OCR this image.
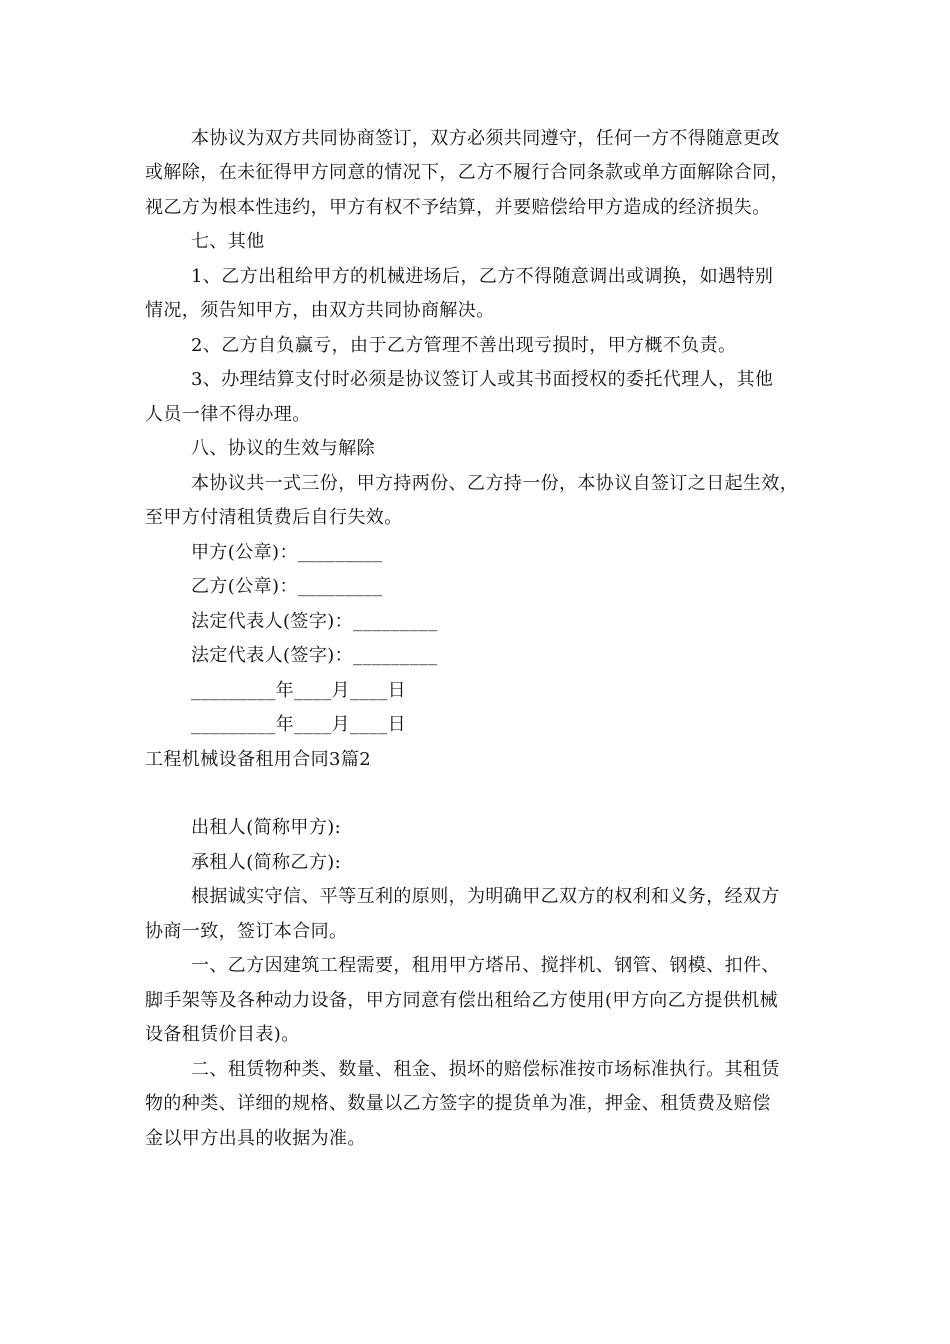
本协议为双方共同协商签订，双方必须共同遵守，任何一方不得随意更改
或解除，在未征得甲方同意的情况下，乙方不履行合同条款或单方面解除合同，
视乙方为根本性违约，甲方有权不予结算，并要赔偿给甲方造成的经济损失。
七、其他
1、乙方出租给甲方的机械进场后，乙方不得随意调出或调换，如遇特别
情况，须告知甲方，由双方共同协商解决。
2、乙方自负赢亏，由于乙方管理不善出现亏损时，甲方概不负责。
3、办理结算支付时必须是协议签订人或其书面授权的委托代理人，其他
人员一律不得办理。
八、协议的生效与解除
本协议共一式三份，甲方持两份、乙方持一份，本协议自签订之日起生效，
至甲方付清租赁费后自行失效。
甲方(公章)：_________
乙方(公章)：_________
法定代表人(签字)：_________
法定代表人(签字)：_________
_________年____月____日
_________年____月____日
工程机械设备租用合同3篇2
出租人(简称甲方):
承租人(简称乙方):
根据诚实守信、平等互利的原则，为明确甲乙双方的权利和义务，经双方
协商一致，签订本合同。
一、乙方因建筑工程需要，租用甲方塔吊、搅拌机、钢管、钢模、扣件、
脚手架等及各种动力设备，甲方同意有偿出租给乙方使用(甲方向乙方提供机械
设备租赁价目表)。
二、租赁物种类、数量、租金、损坏的赔偿标准按市场标准执行。其租赁
物的种类、详细的规格、数量以乙方签字的提货单为准，押金、租赁费及赔偿
金以甲方出具的收据为准。
